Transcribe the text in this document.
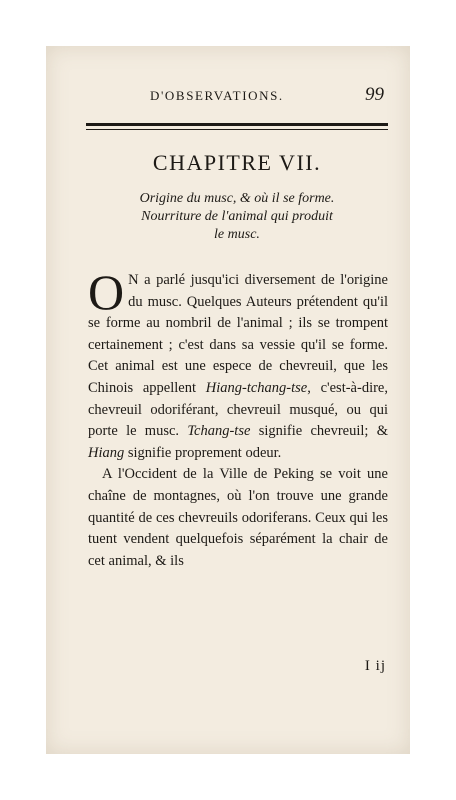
D'OBSERVATIONS.	99
CHAPITRE VII.
Origine du musc, & où il se forme.
Nourriture de l'animal qui produit
le musc.

O N a parlé jusqu'ici diversement de l'origine du musc. Quelques Auteurs prétendent qu'il se forme au nombril de l'animal ; ils se trompent certainement ; c'est dans sa vessie qu'il se forme. Cet animal est une espece de chevreuil, que les Chinois appellent Hiang-tchang-tse, c'est-à-dire, chevreuil odoriférant, chevreuil musqué, ou qui porte le musc. Tchang-tse signifie chevreuil; & Hiang signifie proprement odeur.

A l'Occident de la Ville de Peking se voit une chaîne de montagnes, où l'on trouve une grande quantité de ces chevreuils odoriferans. Ceux qui les tuent vendent quelquefois séparément la chair de cet animal, & ils

I ij
